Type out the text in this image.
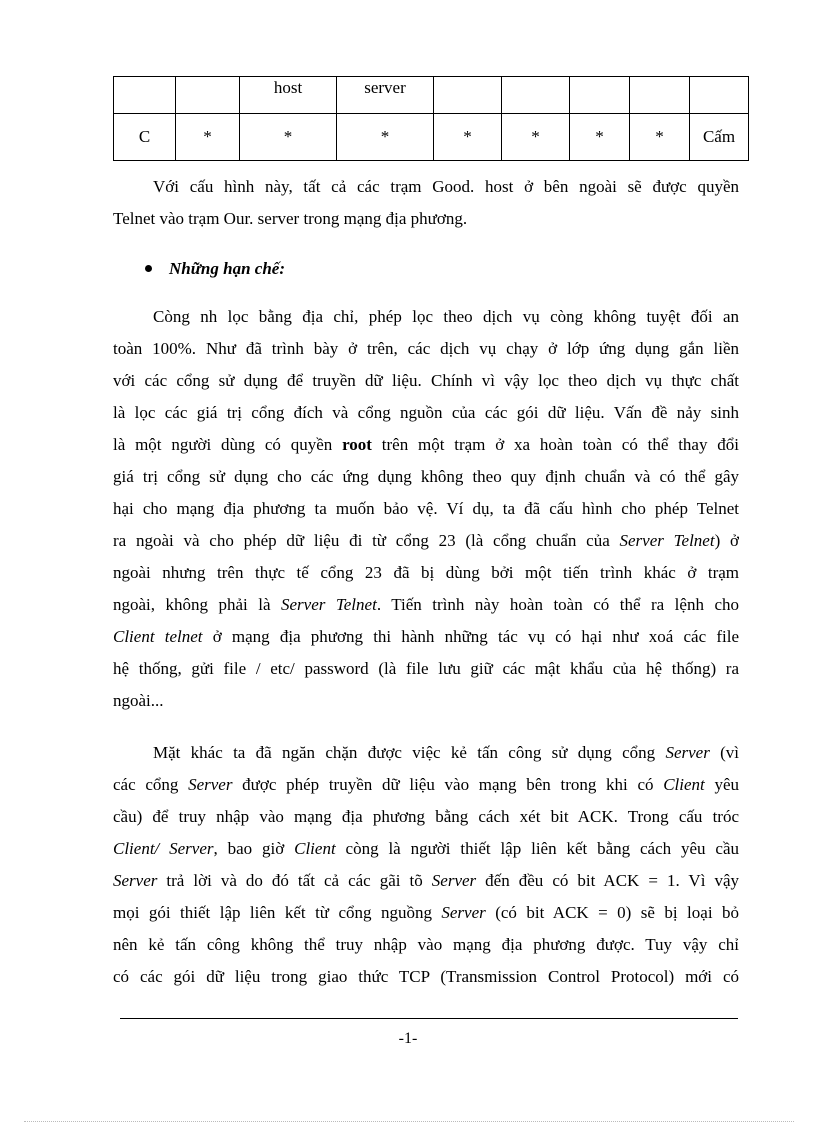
		host	server					
C	*	*	*	*	*	*	*	Cấm
Với cấu hình này, tất cả các trạm Good. host ở bên ngoài sẽ được quyền
Telnet vào trạm Our. server trong mạng địa phương.
Những hạn chế:
Còng nh lọc bằng địa chỉ, phép lọc theo dịch vụ còng không tuyệt đối an
toàn 100%. Như đã trình bày ở trên, các dịch vụ chạy ở lớp ứng dụng gắn liền
với các cổng sử dụng để truyền dữ liệu. Chính vì vậy lọc theo dịch vụ thực chất
là lọc các giá trị cổng đích và cổng nguồn của các gói dữ liệu. Vấn đề nảy sinh
là một người dùng có quyền root trên một trạm ở xa hoàn toàn có thể thay đổi
giá trị cổng sử dụng cho các ứng dụng không theo quy định chuẩn và có thể gây
hại cho mạng địa phương ta muốn bảo vệ. Ví dụ, ta đã cấu hình cho phép Telnet
ra ngoài và cho phép dữ liệu đi từ cổng 23 (là cổng chuẩn của Server Telnet) ở
ngoài nhưng trên thực tế cổng 23 đã bị dùng bởi một tiến trình khác ở trạm
ngoài, không phải là Server Telnet. Tiến trình này hoàn toàn có thể ra lệnh cho
Client telnet ở mạng địa phương thi hành những tác vụ có hại như xoá các file
hệ thống, gửi file / etc/ password (là file lưu giữ các mật khẩu của hệ thống) ra
ngoài...
Mặt khác ta đã ngăn chặn được việc kẻ tấn công sử dụng cổng Server (vì
các cổng Server được phép truyền dữ liệu vào mạng bên trong khi có Client yêu
cầu) để truy nhập vào mạng địa phương bằng cách xét bit ACK. Trong cấu tróc
Client/ Server, bao giờ Client còng là người thiết lập liên kết bằng cách yêu cầu
Server trả lời và do đó tất cả các gãi tõ Server đến đều có bit ACK = 1. Vì vậy
mọi gói thiết lập liên kết từ cổng nguồng Server (có bit ACK = 0) sẽ bị loại bỏ
nên kẻ tấn công không thể truy nhập vào mạng địa phương được. Tuy vậy chỉ
có các gói dữ liệu trong giao thức TCP (Transmission Control Protocol) mới có
-1-
